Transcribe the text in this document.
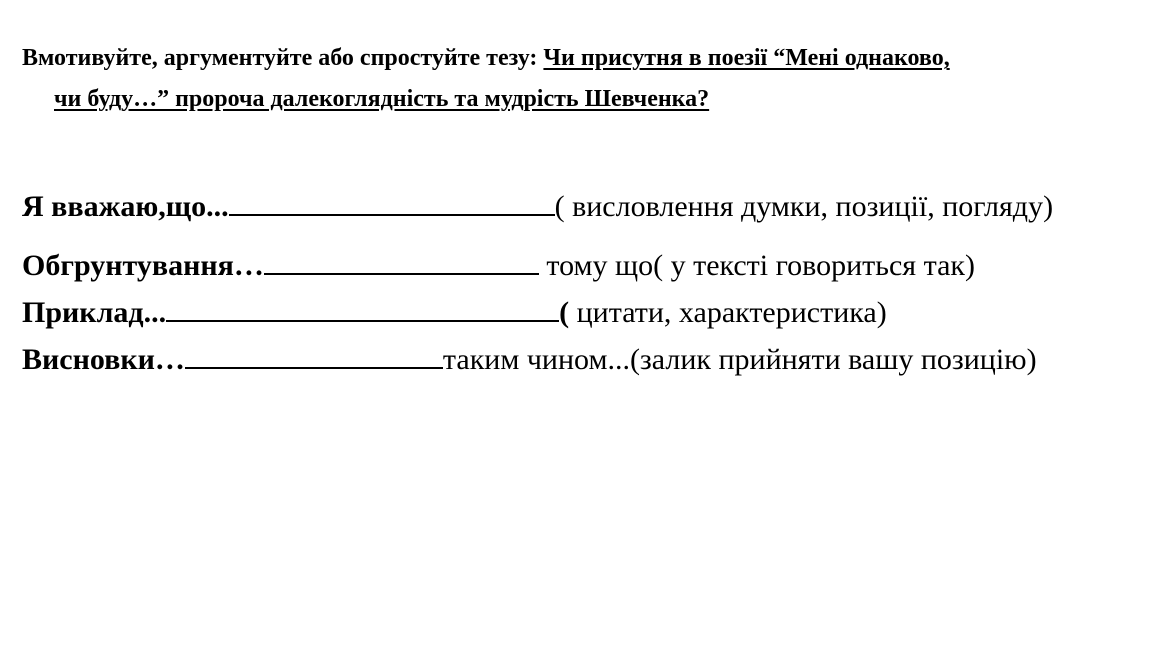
Вмотивуйте, аргументуйте або спростуйте тезу: Чи присутня в поезії “Мені однаково,
чи буду…” пророча далекоглядність та мудрість Шевченка?
Я вважаю,що...	( висловлення думки, позиції, погляду)
Обгрунтування…	тому що( у тексті говориться так)
Приклад...	( цитати, характеристика)
Висновки…	таким чином...(залик прийняти вашу позицію)
